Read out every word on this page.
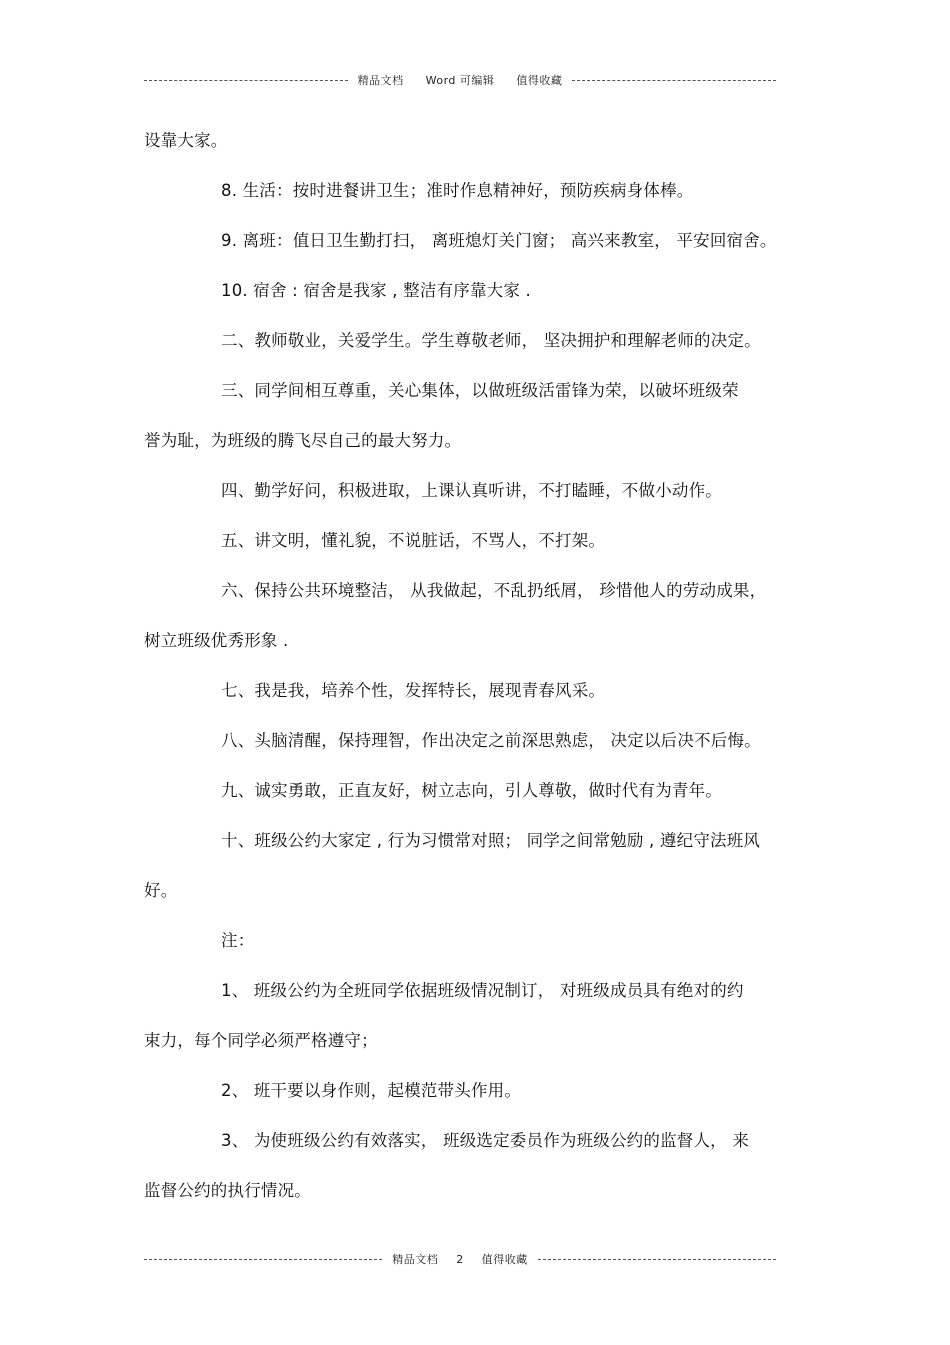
精品文档 Word 可编辑 值得收藏
设靠大家。
8. 生活：按时进餐讲卫生；准时作息精神好，预防疾病身体棒。
9. 离班：值日卫生勤打扫， 离班熄灯关门窗； 高兴来教室， 平安回宿舍。
10. 宿舍 : 宿舍是我家 , 整洁有序靠大家 .
二、教师敬业，关爱学生。学生尊敬老师， 坚决拥护和理解老师的决定。
三、同学间相互尊重，关心集体，以做班级活雷锋为荣，以破坏班级荣
誉为耻，为班级的腾飞尽自己的最大努力。
四、勤学好问，积极进取，上课认真听讲，不打瞌睡，不做小动作。
五、讲文明，懂礼貌，不说脏话，不骂人，不打架。
六、保持公共环境整洁， 从我做起，不乱扔纸屑， 珍惜他人的劳动成果，
树立班级优秀形象 .
七、我是我，培养个性，发挥特长，展现青春风采。
八、头脑清醒，保持理智，作出决定之前深思熟虑， 决定以后决不后悔。
九、诚实勇敢，正直友好，树立志向，引人尊敬，做时代有为青年。
十、班级公约大家定 , 行为习惯常对照； 同学之间常勉励 , 遵纪守法班风
好。
注：
1、 班级公约为全班同学依据班级情况制订， 对班级成员具有绝对的约
束力，每个同学必须严格遵守；
2、 班干要以身作则，起模范带头作用。
3、 为使班级公约有效落实， 班级选定委员作为班级公约的监督人， 来
监督公约的执行情况。
精品文档 2 值得收藏
